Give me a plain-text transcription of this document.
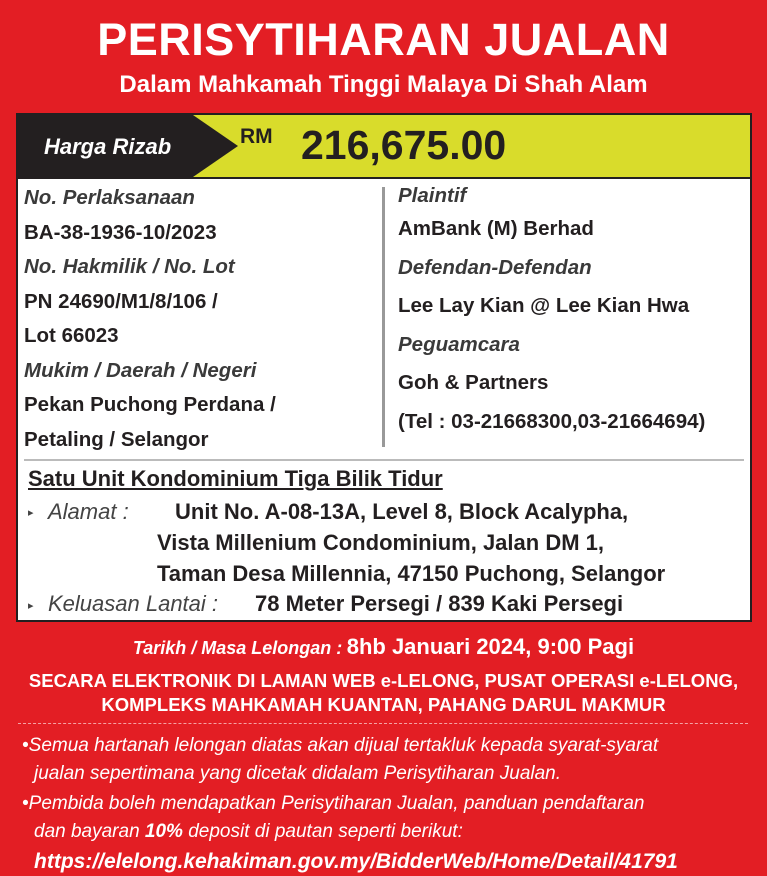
PERISYTIHARAN JUALAN
Dalam Mahkamah Tinggi Malaya Di Shah Alam
Harga Rizab	RM 216,675.00
No. Perlaksanaan
BA-38-1936-10/2023
No. Hakmilik / No. Lot
PN 24690/M1/8/106 /
Lot 66023
Mukim / Daerah / Negeri
Pekan Puchong Perdana /
Petaling / Selangor
Plaintif
AmBank (M) Berhad
Defendan-Defendan
Lee Lay Kian @ Lee Kian Hwa
Peguamcara
Goh & Partners
(Tel : 03-21668300,03-21664694)
Satu Unit Kondominium Tiga Bilik Tidur
▸ Alamat : Unit No. A-08-13A, Level 8, Block Acalypha,
Vista Millenium Condominium, Jalan DM 1,
Taman Desa Millennia, 47150 Puchong, Selangor
▸ Keluasan Lantai : 78 Meter Persegi / 839 Kaki Persegi
Tarikh / Masa Lelongan : 8hb Januari 2024, 9:00 Pagi
SECARA ELEKTRONIK DI LAMAN WEB e-LELONG, PUSAT OPERASI e-LELONG,
KOMPLEKS MAHKAMAH KUANTAN, PAHANG DARUL MAKMUR
•Semua hartanah lelongan diatas akan dijual tertakluk kepada syarat-syarat
jualan sepertimana yang dicetak didalam Perisytiharan Jualan.
•Pembida boleh mendapatkan Perisytiharan Jualan, panduan pendaftaran
dan bayaran 10% deposit di pautan seperti berikut:
https://elelong.kehakiman.gov.my/BidderWeb/Home/Detail/41791
